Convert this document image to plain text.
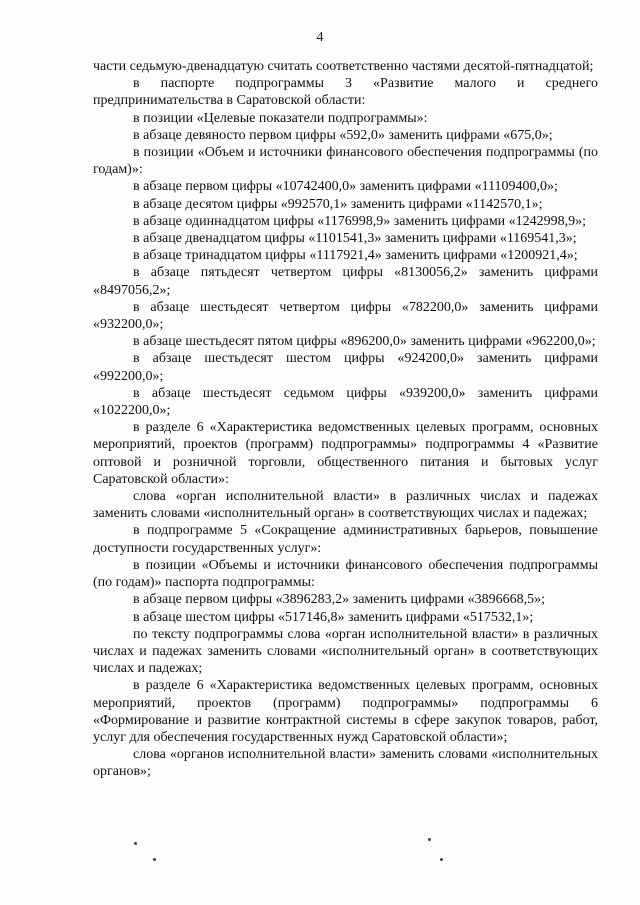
4

части седьмую-двенадцатую считать соответственно частями десятой-пятнадцатой;

в паспорте подпрограммы 3 «Развитие малого и среднего предпринимательства в Саратовской области:

в позиции «Целевые показатели подпрограммы»:

в абзаце девяносто первом цифры «592,0» заменить цифрами «675,0»;

в позиции «Объем и источники финансового обеспечения подпрограммы (по годам)»:

в абзаце первом цифры «10742400,0» заменить цифрами «11109400,0»;

в абзаце десятом цифры «992570,1» заменить цифрами «1142570,1»;

в абзаце одиннадцатом цифры «1176998,9» заменить цифрами «1242998,9»;

в абзаце двенадцатом цифры «1101541,3» заменить цифрами «1169541,3»;

в абзаце тринадцатом цифры «1117921,4» заменить цифрами «1200921,4»;

в абзаце пятьдесят четвертом цифры «8130056,2» заменить цифрами «8497056,2»;

в абзаце шестьдесят четвертом цифры «782200,0» заменить цифрами «932200,0»;

в абзаце шестьдесят пятом цифры «896200,0» заменить цифрами «962200,0»;

в абзаце шестьдесят шестом цифры «924200,0» заменить цифрами «992200,0»;

в абзаце шестьдесят седьмом цифры «939200,0» заменить цифрами «1022200,0»;

в разделе 6 «Характеристика ведомственных целевых программ, основных мероприятий, проектов (программ) подпрограммы» подпрограммы 4 «Развитие оптовой и розничной торговли, общественного питания и бытовых услуг Саратовской области»:

слова «орган исполнительной власти» в различных числах и падежах заменить словами «исполнительный орган» в соответствующих числах и падежах;

в подпрограмме 5 «Сокращение административных барьеров, повышение доступности государственных услуг»:

в позиции «Объемы и источники финансового обеспечения подпрограммы (по годам)» паспорта подпрограммы:

в абзаце первом цифры «3896283,2» заменить цифрами «3896668,5»;

в абзаце шестом цифры «517146,8» заменить цифрами «517532,1»;

по тексту подпрограммы слова «орган исполнительной власти» в различных числах и падежах заменить словами «исполнительный орган» в соответствующих числах и падежах;

в разделе 6 «Характеристика ведомственных целевых программ, основных мероприятий, проектов (программ) подпрограммы» подпрограммы 6 «Формирование и развитие контрактной системы в сфере закупок товаров, работ, услуг для обеспечения государственных нужд Саратовской области»;

слова «органов исполнительной власти» заменить словами «исполнительных органов»;
